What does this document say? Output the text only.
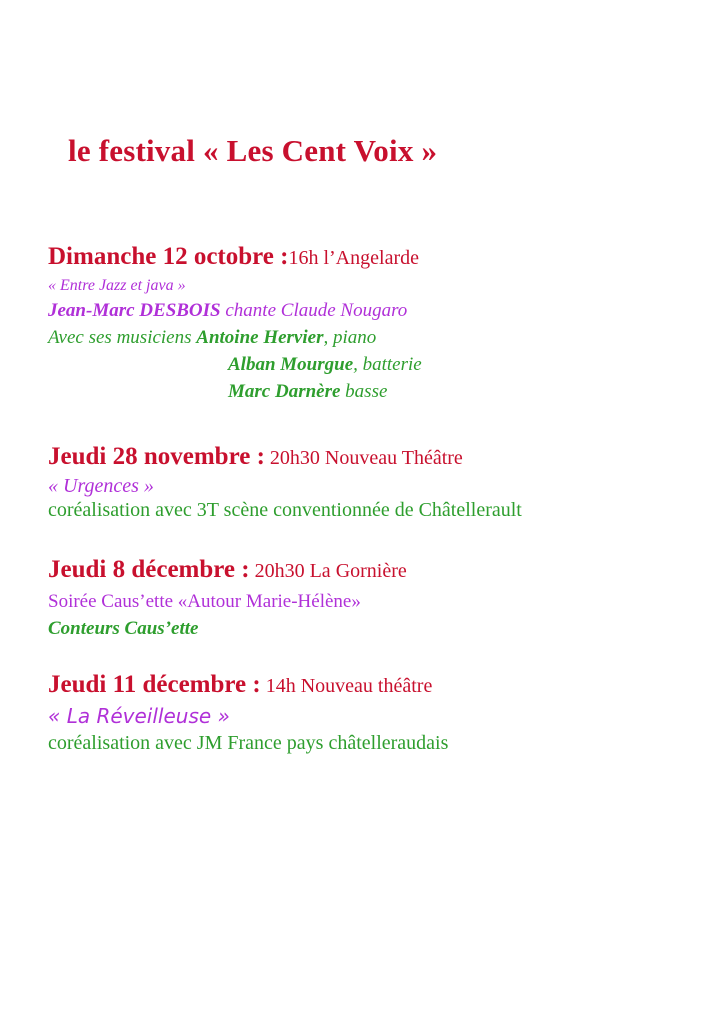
le festival « Les Cent Voix »
Dimanche 12 octobre :16h l’Angelarde
« Entre Jazz et java »
Jean-Marc DESBOIS chante Claude Nougaro
Avec ses musiciens Antoine Hervier, piano
Alban Mourgue, batterie
Marc Darnère basse
Jeudi 28 novembre : 20h30 Nouveau Théâtre
« Urgences »
coréalisation avec 3T scène conventionnée de Châtellerault
Jeudi 8 décembre : 20h30 La Gornière
Soirée Caus’ette «Autour Marie-Hélène»
Conteurs Caus’ette
Jeudi 11 décembre : 14h Nouveau théâtre
« La Réveilleuse »
coréalisation avec JM France pays châtelleraudais
